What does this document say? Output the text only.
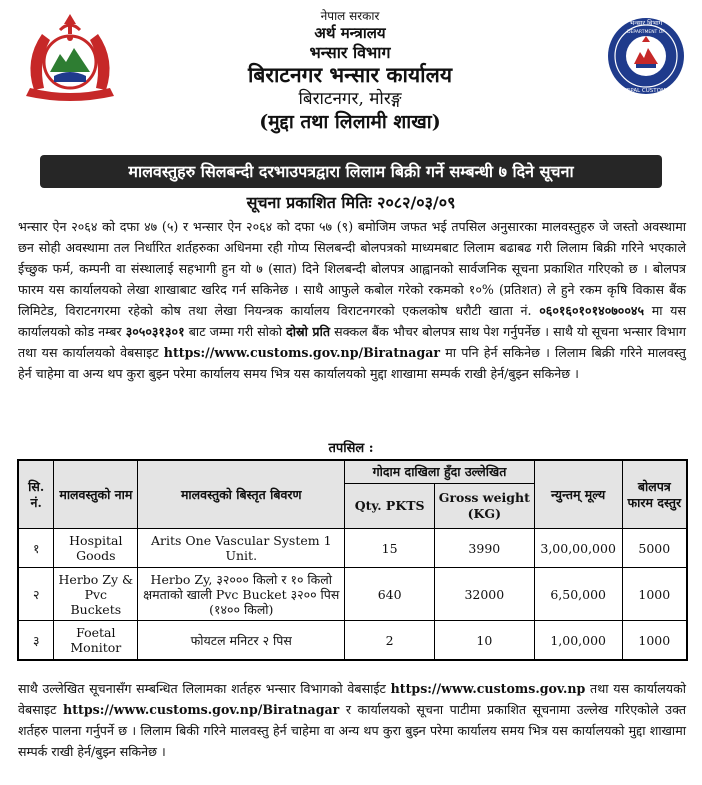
भन्सार विभाग
NEPAL CUSTOMS
DEPARTMENT OF
नेपाल सरकार
अर्थ मन्त्रालय
भन्सार विभाग
बिराटनगर भन्सार कार्यालय
बिराटनगर, मोरङ्ग
(मुद्दा तथा लिलामी शाखा)
मालवस्तुहरु सिलबन्दी दरभाउपत्रद्वारा लिलाम बिक्री गर्ने सम्बन्धी ७ दिने सूचना
सूचना प्रकाशित मितिः २०८२/०३/०९
भन्सार ऐन २०६४ को दफा ४७ (५) र भन्सार ऐन २०६४ को दफा ५७ (९) बमोजिम जफत भई तपसिल अनुसारका मालवस्तुहरु जे जस्तो अवस्थामा छन सोही अवस्थामा तल निर्धारित शर्तहरुका अधिनमा रही गोप्य सिलबन्दी बोलपत्रको माध्यमबाट लिलाम बढाबढ गरी लिलाम बिक्री गरिने भएकाले ईच्छुक फर्म, कम्पनी वा संस्थालाई सहभागी हुन यो ७ (सात) दिने शिलबन्दी बोलपत्र आह्वानको सार्वजनिक सूचना प्रकाशित गरिएको छ । बोलपत्र फारम यस कार्यालयको लेखा शाखाबाट खरिद गर्न सकिनेछ । साथै आफुले कबोल गरेको रकमको १०% (प्रतिशत) ले हुने रकम कृषि विकास बैंक लिमिटेड, विराटनगरमा रहेको कोष तथा लेखा नियन्त्रक कार्यालय विराटनगरको एकलकोष धरौटी खाता नं. ०६०१६०१०१४०७००४५ मा यस कार्यालयको कोड नम्बर ३०५०३१३०१ बाट जम्मा गरी सोको दोस्रो प्रति सक्कल बैंक भौचर बोलपत्र साथ पेश गर्नुपर्नेछ । साथै यो सूचना भन्सार विभाग तथा यस कार्यालयको वेबसाइट https://www.customs.gov.np/Biratnagar मा पनि हेर्न सकिनेछ । लिलाम बिक्री गरिने मालवस्तु हेर्न चाहेमा वा अन्य थप कुरा बुझ्न परेमा कार्यालय समय भित्र यस कार्यालयको मुद्दा शाखामा सम्पर्क राखी हेर्न/बुझ्न सकिनेछ ।
तपसिल :
सि. नं.	मालवस्तुको नाम	मालवस्तुको बिस्तृत बिवरण	गोदाम दाखिला हुँदा उल्लेखित		न्युन्तम् मूल्य	बोलपत्र फारम दस्तुर
			Qty. PKTS	Gross weight (KG)		
१	Hospital Goods	Arits One Vascular System 1 Unit.	15	3990	3,00,00,000	5000
२	Herbo Zy & Pvc Buckets	Herbo Zy, ३२००० किलो र १० किलो क्षमताको खाली Pvc Bucket ३२०० पिस (१४०० किलो)	640	32000	6,50,000	1000
३	Foetal Monitor	फोयटल मनिटर २ पिस	2	10	1,00,000	1000
साथै उल्लेखित सूचनासँग सम्बन्धित लिलामका शर्तहरु भन्सार विभागको वेबसाईट https://www.customs.gov.np तथा यस कार्यालयको वेबसाइट https://www.customs.gov.np/Biratnagar र कार्यालयको सूचना पाटीमा प्रकाशित सूचनामा उल्लेख गरिएकोले उक्त शर्तहरु पालना गर्नुपर्ने छ । लिलाम बिकी गरिने मालवस्तु हेर्न चाहेमा वा अन्य थप कुरा बुझ्न परेमा कार्यालय समय भित्र यस कार्यालयको मुद्दा शाखामा सम्पर्क राखी हेर्न/बुझ्न सकिनेछ ।
